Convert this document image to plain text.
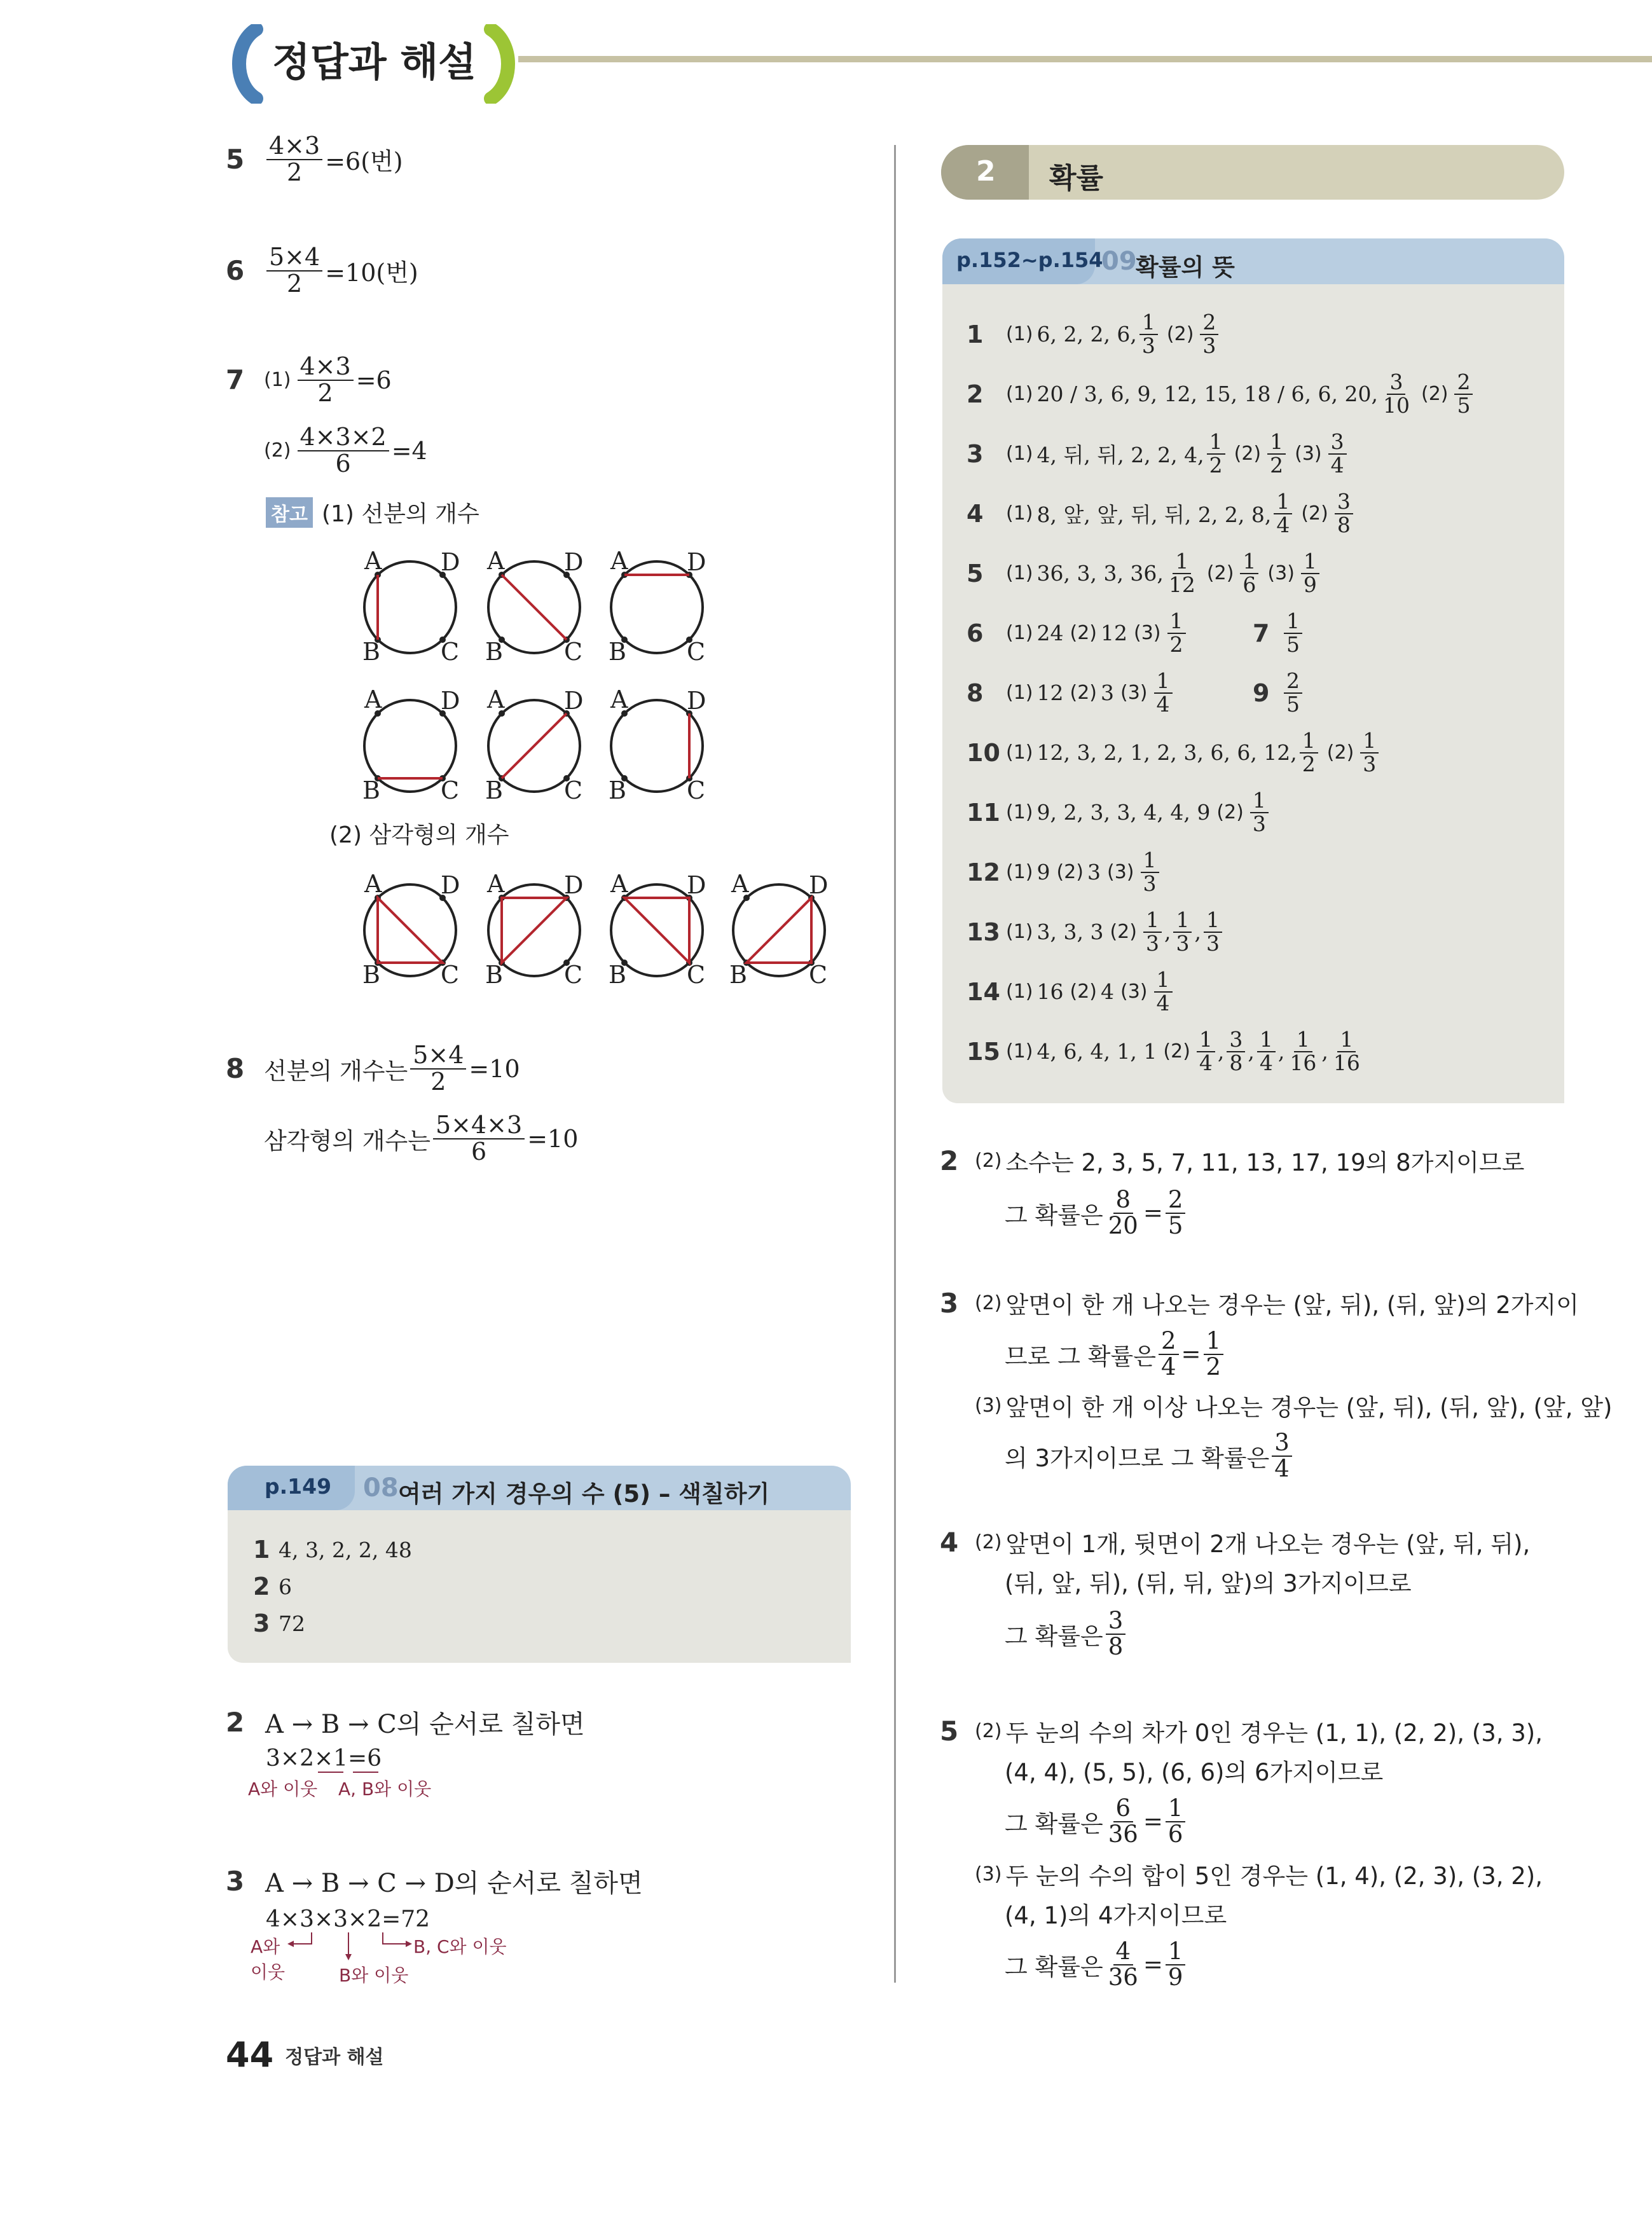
정답과 해설
$5 \frac{4\times 3}{2} =6$(번)
$6 \frac{5\times 4}{2} =10$(번)
7	$(1) \frac{4\times 3}{2} =6$
$(2) \frac{4\times 3\times 2}{6} =4$
참고 (1) 선분의 개수
A D
B	C
A D
B	C
A D
B	C
A D
B	C
A D
B	C
A D
B	C
A D
B	C
A D
B	C
A D
B	C
A D
B	C
(2) 삼각형의 개수
8 선분의 개수는 $\frac{5\times 4}{2} =10$
삼각형의 개수는 $\frac{5\times 4\times 3}{6} =10$
p.149 08 여러 가지 경우의 수 (5) – 색칠하기
1 4, 3, 2, 2, 48
2 6
3 72
2 A → B → C의 순서로 칠하면
3×2×1=6
A와 이웃 A, B와 이웃
3 A → B → C → D의 순서로 칠하면
4×3×3×2=72
A와
이웃	B와 이웃
B, C와 이웃
2 확률
p.152~p.154
09
확률의 뜻
1	(1) 6, 2, 2, 6, $\frac{1}{3} (2) \frac{2}{3}$
2	(1) 20 / 3, 6, 9, 12, 15, 18 / 6, 6, 20, $\frac{3}{10} (2) \frac{2}{5}$
3	(1) 4, 뒤, 뒤, 2, 2, 4, $\frac{1}{2} (2) \frac{1}{2} (3) \frac{3}{4}$
4	(1) 8, 앞, 앞, 뒤, 뒤, 2, 2, 8, $\frac{1}{4} (2) \frac{3}{8}$
5	(1) 36, 3, 3, 36, $\frac{1}{12} (2) \frac{1}{6} (3) \frac{1}{9}$
6	(1) 24 (2) 12 $(3) \frac{1}{2}$	$7 \frac{1}{5}$
8	(1) 12 (2) 3 $(3) \frac{1}{4}$	$9 \frac{2}{5}$
10 (1) 12, 3, 2, 1, 2, 3, 6, 6, 12, $\frac{1}{2} (2) \frac{1}{3}$
11 (1) 9, 2, 3, 3, 4, 4, 9 $(2) \frac{1}{3}$
12 (1) 9 (2) 3 $(3) \frac{1}{3}$
13 (1) 3, 3, 3 $(2) \frac{1}{3}$ , $\frac{1}{3}$ , $\frac{1}{3}$
14 (1) 16 (2) 4 $(3) \frac{1}{4}$
15 (1) 4, 6, 4, 1, 1 $(2) \frac{1}{4}$ , $\frac{3}{8}$ , $\frac{1}{4}$ , $\frac{1}{16}$ , $\frac{1}{16}$
2 (2) 소수는 2, 3, 5, 7, 11, 13, 17, 19의 8가지이므로
그 확률은 $\frac{8}{20} = \frac{2}{5}$
3 (2) 앞면이 한 개 나오는 경우는 (앞, 뒤), (뒤, 앞)의 2가지이
므로 그 확률은 $\frac{2}{4} = \frac{1}{2}$
(3) 앞면이 한 개 이상 나오는 경우는 (앞, 뒤), (뒤, 앞), (앞, 앞)
의 3가지이므로 그 확률은 $\frac{3}{4}$
4 (2) 앞면이 1개, 뒷면이 2개 나오는 경우는 (앞, 뒤, 뒤),
(뒤, 앞, 뒤), (뒤, 뒤, 앞)의 3가지이므로
그 확률은 $\frac{3}{8}$
5 (2) 두 눈의 수의 차가 0인 경우는 (1, 1), (2, 2), (3, 3),
(4, 4), (5, 5), (6, 6)의 6가지이므로
그 확률은 $\frac{6}{36} = \frac{1}{6}$
(3) 두 눈의 수의 합이 5인 경우는 (1, 4), (2, 3), (3, 2),
(4, 1)의 4가지이므로
그 확률은 $\frac{4}{36} = \frac{1}{9}$
44 정답과 해설
